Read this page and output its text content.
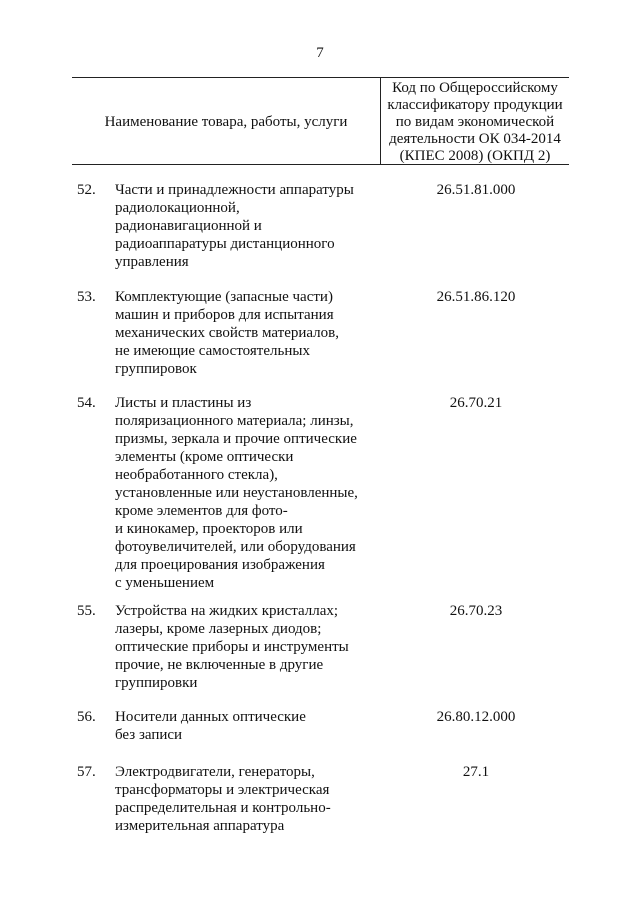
7
Наименование товара, работы, услуги
Код по Общероссийскому
классификатору продукции
по видам экономической
деятельности ОК 034-2014
(КПЕС 2008) (ОКПД 2)
52. Части и принадлежности аппаратуры
радиолокационной,
радионавигационной и
радиоаппаратуры дистанционного
управления
26.51.81.000
53. Комплектующие (запасные части)
машин и приборов для испытания
механических свойств материалов,
не имеющие самостоятельных
группировок
26.51.86.120
54. Листы и пластины из
поляризационного материала; линзы,
призмы, зеркала и прочие оптические
элементы (кроме оптически
необработанного стекла),
установленные или неустановленные,
кроме элементов для фото-
и кинокамер, проекторов или
фотоувеличителей, или оборудования
для проецирования изображения
с уменьшением
26.70.21
55. Устройства на жидких кристаллах;
лазеры, кроме лазерных диодов;
оптические приборы и инструменты
прочие, не включенные в другие
группировки
26.70.23
56. Носители данных оптические
без записи
26.80.12.000
57. Электродвигатели, генераторы,
трансформаторы и электрическая
распределительная и контрольно-
измерительная аппаратура
27.1
